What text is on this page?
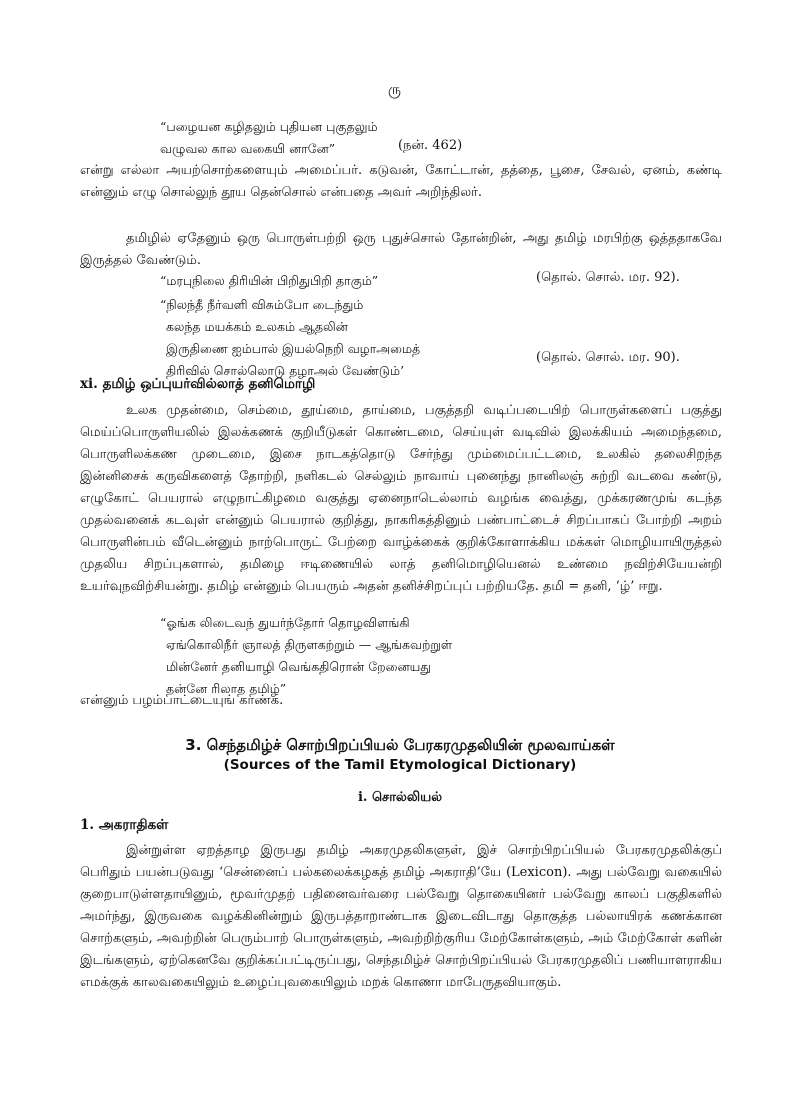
ரு
“பழையன கழிதலும் புதியன புகுதலும்
வழுவல கால வகையி னானே”	(நன். 462)
என்று எல்லா அயற்சொற்களையும் அமைப்பர். கடுவன், கோட்டான், தத்தை, பூசை, சேவல், ஏனம், கண்டி என்னும் எழு சொல்லுந் தூய தென்சொல் என்பதை அவர் அறிந்திலர்.
தமிழில் ஏதேனும் ஒரு பொருள்பற்றி ஒரு புதுச்சொல் தோன்றின், அது தமிழ் மரபிற்கு ஒத்ததாகவே இருத்தல் வேண்டும்.
“மரபுநிலை திரியின் பிறிதுபிறி தாகும்”	(தொல். சொல். மர. 92).
“நிலந்தீ நீர்வளி விசும்போ டைந்தும்
கலந்த மயக்கம் உலகம் ஆதலின்
இருதிணை ஐம்பால் இயல்நெறி வழாஅமைத்
திரிவில் சொல்லொடு தழாஅல் வேண்டும்’
(தொல். சொல். மர. 90).
xi. தமிழ் ஒப்புயர்வில்லாத் தனிமொழி
உலக முதன்மை, செம்மை, தூய்மை, தாய்மை, பகுத்தறி வடிப்படையிற் பொருள்களைப் பகுத்து மெய்ப்பொருளியலில் இலக்கணக் குறியீடுகள் கொண்டமை, செய்யுள் வடிவில் இலக்கியம் அமைந்தமை, பொருளிலக்கண முடைமை, இசை நாடகத்தொடு சேர்ந்து மும்மைப்பட்டமை, உலகில் தலைசிறந்த இன்னிசைக் கருவிகளைத் தோற்றி, நளிகடல் செல்லும் நாவாய் புனைந்து நானிலஞ் சுற்றி வடவை கண்டு, எழுகோட் பெயரால் எழுநாட்கிழமை வகுத்து ஏனைநாடெல்லாம் வழங்க வைத்து, முக்கரணமுங் கடந்த முதல்வனைக் கடவுள் என்னும் பெயரால் குறித்து, நாகரிகத்தினும் பண்பாட்டைச் சிறப்பாகப் போற்றி அறம் பொருளின்பம் வீடென்னும் நாற்பொருட் பேற்றை வாழ்க்கைக் குறிக்கோளாக்கிய மக்கள் மொழியாயிருத்தல் முதலிய சிறப்புகளால், தமிழை ஈடிணையில் லாத் தனிமொழியெனல் உண்மை நவிற்சியேயன்றி உயர்வுநவிற்சியன்று. தமிழ் என்னும் பெயரும் அதன் தனிச்சிறப்புப் பற்றியதே. தமி = தனி, ‘ழ்’ ஈறு.
“ஓங்க லிடைவந் துயர்ந்தோர் தொழவிளங்கி
ஏங்கொலிநீர் ஞாலத் திருளகற்றும் — ஆங்கவற்றுள்
மின்னேர் தனியாழி வெங்கதிரொன் றேனையது
தன்னே ரிலாத தமிழ்”
என்னும் பழம்பாட்டையுங் காண்க.
3. செந்தமிழ்ச் சொற்பிறப்பியல் பேரகரமுதலியின் மூலவாய்கள்
(Sources of the Tamil Etymological Dictionary)
i. சொல்லியல்
1. அகராதிகள்
இன்றுள்ள ஏறத்தாழ இருபது தமிழ் அகரமுதலிகளுள், இச் சொற்பிறப்பியல் பேரகரமுதலிக்குப் பெரிதும் பயன்படுவது ‘சென்னைப் பல்கலைக்கழகத் தமிழ் அகராதி’யே (Lexicon). அது பல்வேறு வகையில் குறைபாடுள்ளதாயினும், மூவர்முதற் பதினைவர்வரை பல்வேறு தொகையினர் பல்வேறு காலப் பகுதிகளில் அமர்ந்து, இருவகை வழக்கினின்றும் இருபத்தாறாண்டாக இடைவிடாது தொகுத்த பல்லாயிரக் கணக்கான சொற்களும், அவற்றின் பெரும்பாற் பொருள்களும், அவற்றிற்குரிய மேற்கோள்களும், அம் மேற்கோள் களின் இடங்களும், ஏற்கெனவே குறிக்கப்பட்டிருப்பது, செந்தமிழ்ச் சொற்பிறப்பியல் பேரகரமுதலிப் பணியாளராகிய எமக்குக் காலவகையிலும் உழைப்புவகையிலும் மறக் கொணா மாபேருதவியாகும்.
